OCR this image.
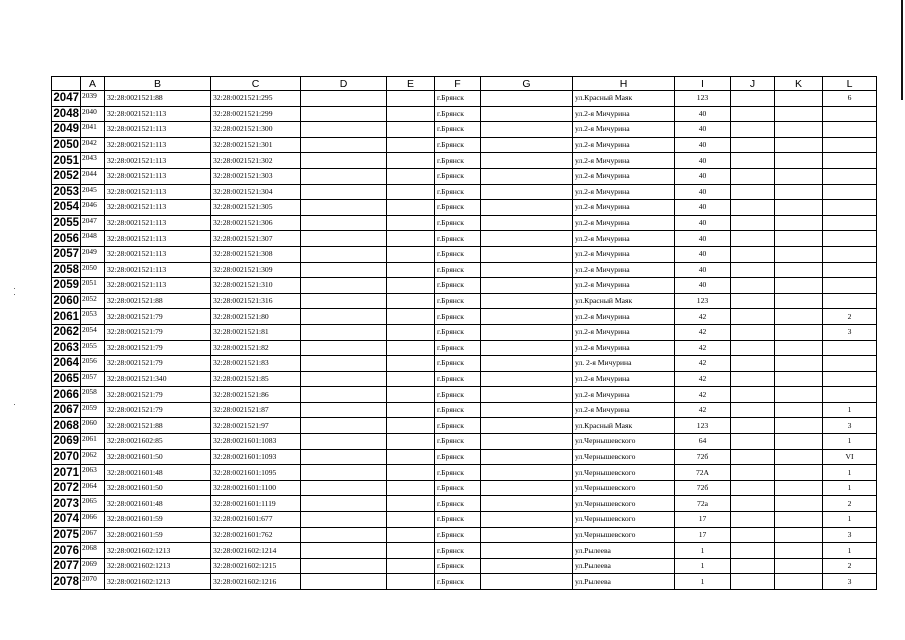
	A	B	C	D	E	F	G	H	I	J	K	L
2047	2039	32:28:0021521:88	32:28:0021521:295			г.Брянск		ул.Красный Маяк	123			6
2048	2040	32:28:0021521:113	32:28:0021521:299			г.Брянск		ул.2-я Мичурина	40			
2049	2041	32:28:0021521:113	32:28:0021521:300			г.Брянск		ул.2-я Мичурина	40			
2050	2042	32:28:0021521:113	32:28:0021521:301			г.Брянск		ул.2-я Мичурина	40			
2051	2043	32:28:0021521:113	32:28:0021521:302			г.Брянск		ул.2-я Мичурина	40			
2052	2044	32:28:0021521:113	32:28:0021521:303			г.Брянск		ул.2-я Мичурина	40			
2053	2045	32:28:0021521:113	32:28:0021521:304			г.Брянск		ул.2-я Мичурина	40			
2054	2046	32:28:0021521:113	32:28:0021521:305			г.Брянск		ул.2-я Мичурина	40			
2055	2047	32:28:0021521:113	32:28:0021521:306			г.Брянск		ул.2-я Мичурина	40			
2056	2048	32:28:0021521:113	32:28:0021521:307			г.Брянск		ул.2-я Мичурина	40			
2057	2049	32:28:0021521:113	32:28:0021521:308			г.Брянск		ул.2-я Мичурина	40			
2058	2050	32:28:0021521:113	32:28:0021521:309			г.Брянск		ул.2-я Мичурина	40			
2059	2051	32:28:0021521:113	32:28:0021521:310			г.Брянск		ул.2-я Мичурина	40			
2060	2052	32:28:0021521:88	32:28:0021521:316			г.Брянск		ул.Красный Маяк	123			
2061	2053	32:28:0021521:79	32:28:0021521:80			г.Брянск		ул.2-я Мичурина	42			2
2062	2054	32:28:0021521:79	32:28:0021521:81			г.Брянск		ул.2-я Мичурина	42			3
2063	2055	32:28:0021521:79	32:28:0021521:82			г.Брянск		ул.2-я Мичурина	42			
2064	2056	32:28:0021521:79	32:28:0021521:83			г.Брянск		ул. 2-я Мичурина	42			
2065	2057	32:28:0021521:340	32:28:0021521:85			г.Брянск		ул.2-я Мичурина	42			
2066	2058	32:28:0021521:79	32:28:0021521:86			г.Брянск		ул.2-я Мичурина	42			
2067	2059	32:28:0021521:79	32:28:0021521:87			г.Брянск		ул.2-я Мичурина	42			1
2068	2060	32:28:0021521:88	32:28:0021521:97			г.Брянск		ул.Красный Маяк	123			3
2069	2061	32:28:0021602:85	32:28:0021601:1083			г.Брянск		ул.Чернышевского	64			1
2070	2062	32:28:0021601:50	32:28:0021601:1093			г.Брянск		ул.Чернышевского	72б			VI
2071	2063	32:28:0021601:48	32:28:0021601:1095			г.Брянск		ул.Чернышевского	72А			1
2072	2064	32:28:0021601:50	32:28:0021601:1100			г.Брянск		ул.Чернышевского	72б			1
2073	2065	32:28:0021601:48	32:28:0021601:1119			г.Брянск		ул.Чернышевского	72а			2
2074	2066	32:28:0021601:59	32:28:0021601:677			г.Брянск		ул.Чернышевского	17			1
2075	2067	32:28:0021601:59	32:28:0021601:762			г.Брянск		ул.Чернышевского	17			3
2076	2068	32:28:0021602:1213	32:28:0021602:1214			г.Брянск		ул.Рылеева	1			1
2077	2069	32:28:0021602:1213	32:28:0021602:1215			г.Брянск		ул.Рылеева	1			2
2078	2070	32:28:0021602:1213	32:28:0021602:1216			г.Брянск		ул.Рылеева	1			3
